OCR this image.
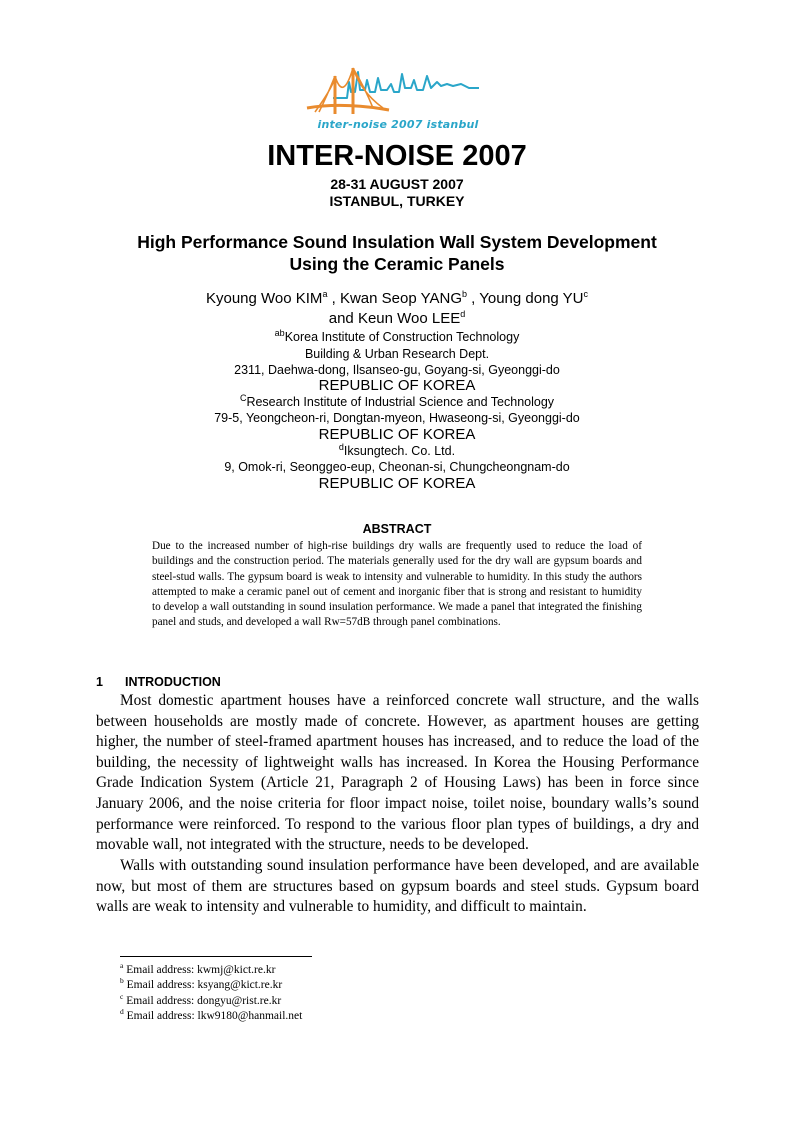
inter-noise 2007 istanbul
INTER-NOISE 2007
28-31 AUGUST 2007
ISTANBUL, TURKEY
High Performance Sound Insulation Wall System Development
Using the Ceramic Panels
Kyoung Woo KIM$^a$ , Kwan Seop YANG$^b$ , Young dong $YU^c$
and Keun Woo LEE$^d$
$^{ab}$Korea Institute of Construction Technology
Building & Urban Research Dept.
2311, Daehwa-dong, Ilsanseo-gu, Goyang-si, Gyeonggi-do
REPUBLIC OF KOREA
$^C$Research Institute of Industrial Science and Technology
79-5, Yeongcheon-ri, Dongtan-myeon, Hwaseong-si, Gyeonggi-do
REPUBLIC OF KOREA
$^d$Iksungtech. Co. Ltd.
9, Omok-ri, Seonggeo-eup, Cheonan-si, Chungcheongnam-do
REPUBLIC OF KOREA
ABSTRACT
Due to the increased number of high-rise buildings dry walls are frequently used to reduce the load of buildings and the construction period. The materials generally used for the dry wall are gypsum boards and steel-stud walls. The gypsum board is weak to intensity and vulnerable to humidity. In this study the authors attempted to make a ceramic panel out of cement and inorganic fiber that is strong and resistant to humidity to develop a wall outstanding in sound insulation performance. We made a panel that integrated the finishing panel and studs, and developed a wall Rw=57dB through panel combinations.
1 INTRODUCTION
Most domestic apartment houses have a reinforced concrete wall structure, and the walls between households are mostly made of concrete. However, as apartment houses are getting higher, the number of steel-framed apartment houses has increased, and to reduce the load of the building, the necessity of lightweight walls has increased. In Korea the Housing Performance Grade Indication System (Article 21, Paragraph 2 of Housing Laws) has been in force since January 2006, and the noise criteria for floor impact noise, toilet noise, boundary walls’s sound performance were reinforced. To respond to the various floor plan types of buildings, a dry and movable wall, not integrated with the structure, needs to be developed.
Walls with outstanding sound insulation performance have been developed, and are available now, but most of them are structures based on gypsum boards and steel studs. Gypsum board walls are weak to intensity and vulnerable to humidity, and difficult to maintain.
$^a$ Email address: kwmj@kict.re.kr
$^b$ Email address: ksyang@kict.re.kr
$^c$ Email address: dongyu@rist.re.kr
$^d$ Email address: lkw9180@hanmail.net
